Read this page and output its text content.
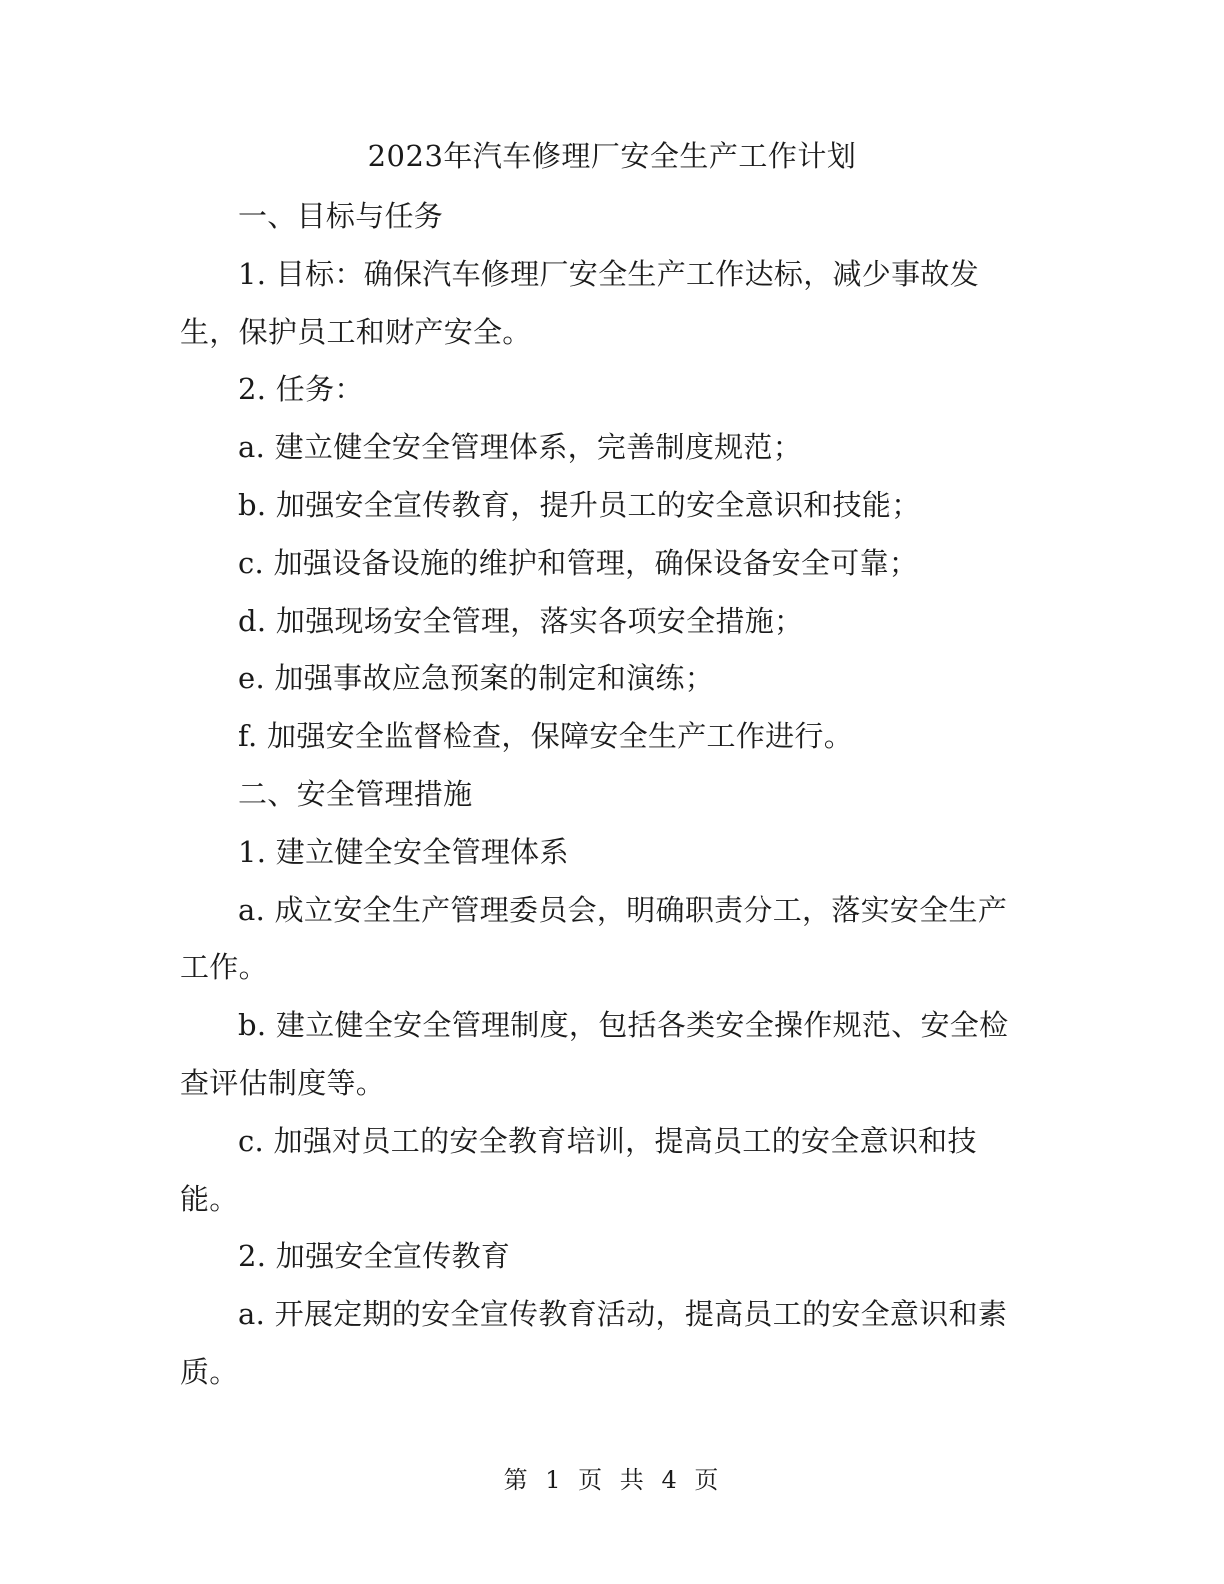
2023年汽车修理厂安全生产工作计划

一、目标与任务

1. 目标：确保汽车修理厂安全生产工作达标，减少事故发生，保护员工和财产安全。

2. 任务：

a. 建立健全安全管理体系，完善制度规范；

b. 加强安全宣传教育，提升员工的安全意识和技能；

c. 加强设备设施的维护和管理，确保设备安全可靠；

d. 加强现场安全管理，落实各项安全措施；

e. 加强事故应急预案的制定和演练；

f. 加强安全监督检查，保障安全生产工作进行。

二、安全管理措施

1. 建立健全安全管理体系

a. 成立安全生产管理委员会，明确职责分工，落实安全生产工作。

b. 建立健全安全管理制度，包括各类安全操作规范、安全检查评估制度等。

c. 加强对员工的安全教育培训，提高员工的安全意识和技能。

2. 加强安全宣传教育

a. 开展定期的安全宣传教育活动，提高员工的安全意识和素质。

第 1 页 共 4 页
